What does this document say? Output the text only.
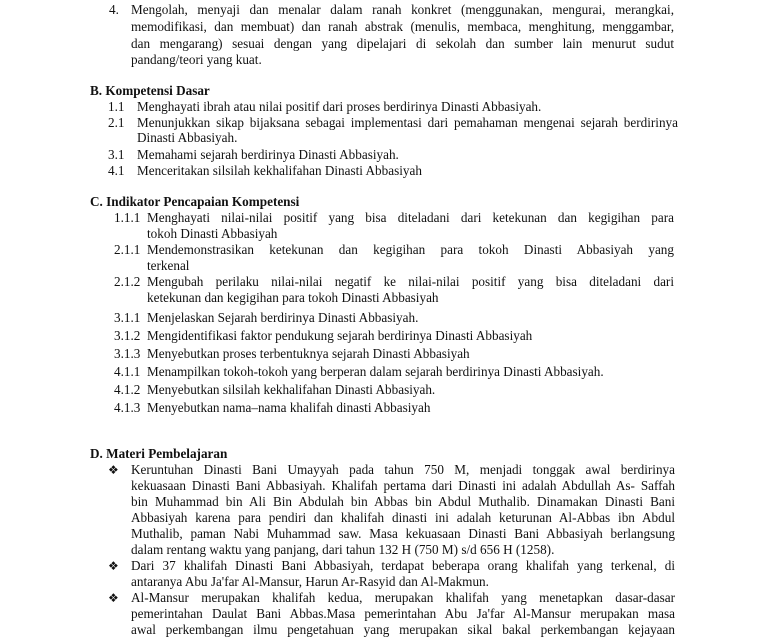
4. Mengolah, menyaji dan menalar dalam ranah konkret (menggunakan, mengurai, merangkai,
memodifikasi, dan membuat) dan ranah abstrak (menulis, membaca, menghitung, menggambar,
dan mengarang) sesuai dengan yang dipelajari di sekolah dan sumber lain menurut sudut
pandang/teori yang kuat.
B. Kompetensi Dasar
1.1 Menghayati ibrah atau nilai positif dari proses berdirinya Dinasti Abbasiyah.
2.1 Menunjukkan sikap bijaksana sebagai implementasi dari pemahaman mengenai sejarah berdirinya
Dinasti Abbasiyah.
3.1 Memahami sejarah berdirinya Dinasti Abbasiyah.
4.1 Menceritakan silsilah kekhalifahan Dinasti Abbasiyah
C. Indikator Pencapaian Kompetensi
1.1.1 Menghayati nilai-nilai positif yang bisa diteladani dari ketekunan dan kegigihan para
tokoh Dinasti Abbasiyah
2.1.1 Mendemonstrasikan ketekunan dan kegigihan para tokoh Dinasti Abbasiyah yang
terkenal
2.1.2 Mengubah perilaku nilai-nilai negatif ke nilai-nilai positif yang bisa diteladani dari
ketekunan dan kegigihan para tokoh Dinasti Abbasiyah
3.1.1 Menjelaskan Sejarah berdirinya Dinasti Abbasiyah.
3.1.2 Mengidentifikasi faktor pendukung sejarah berdirinya Dinasti Abbasiyah
3.1.3 Menyebutkan proses terbentuknya sejarah Dinasti Abbasiyah
4.1.1 Menampilkan tokoh-tokoh yang berperan dalam sejarah berdirinya Dinasti Abbasiyah.
4.1.2 Menyebutkan silsilah kekhalifahan Dinasti Abbasiyah.
4.1.3 Menyebutkan nama–nama khalifah dinasti Abbasiyah
D. Materi Pembelajaran
❖ Keruntuhan Dinasti Bani Umayyah pada tahun 750 M, menjadi tonggak awal berdirinya
kekuasaan Dinasti Bani Abbasiyah. Khalifah pertama dari Dinasti ini adalah Abdullah As- Saffah
bin Muhammad bin Ali Bin Abdulah bin Abbas bin Abdul Muthalib. Dinamakan Dinasti Bani
Abbasiyah karena para pendiri dan khalifah dinasti ini adalah keturunan Al-Abbas ibn Abdul
Muthalib, paman Nabi Muhammad saw. Masa kekuasaan Dinasti Bani Abbasiyah berlangsung
dalam rentang waktu yang panjang, dari tahun 132 H (750 M) s/d 656 H (1258).
❖ Dari 37 khalifah Dinasti Bani Abbasiyah, terdapat beberapa orang khalifah yang terkenal, di
antaranya Abu Ja'far Al-Mansur, Harun Ar-Rasyid dan Al-Makmun.
❖ Al-Mansur merupakan khalifah kedua, merupakan khalifah yang menetapkan dasar-dasar
pemerintahan Daulat Bani Abbas.Masa pemerintahan Abu Ja'far Al-Mansur merupakan masa
awal perkembangan ilmu pengetahuan yang merupakan sikal bakal perkembangan kejayaan
